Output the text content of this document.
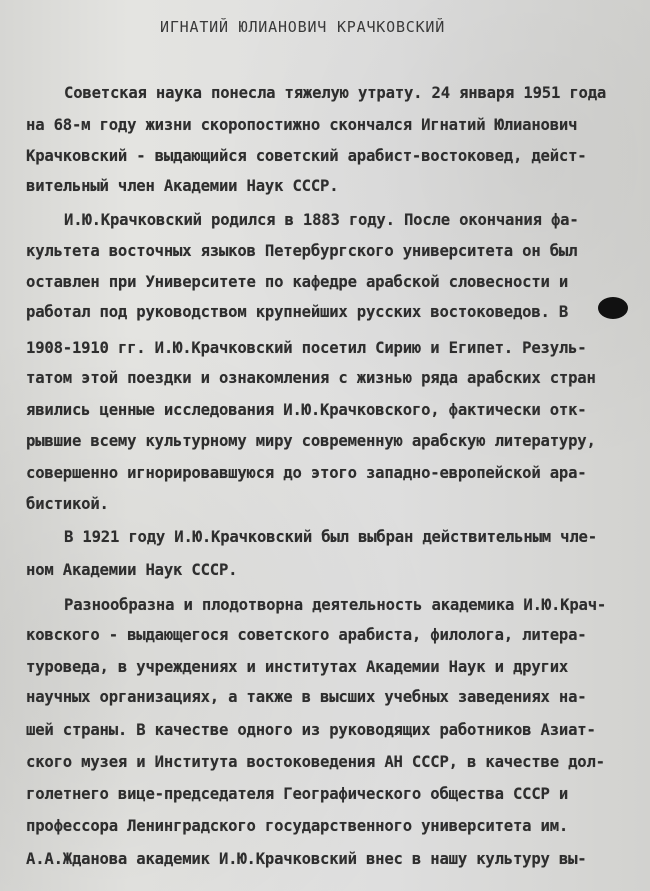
ИГНАТИЙ ЮЛИАНОВИЧ КРАЧКОВСКИЙ
Советская наука понесла тяжелую утрату. 24 января 1951 года
на 68-м году жизни скоропостижно скончался Игнатий Юлианович
Крачковский - выдающийся советский арабист-востоковед, дейст-
вительный член Академии Наук СССР.
И.Ю.Крачковский родился в 1883 году. После окончания фа-
культета восточных языков Петербургского университета он был
оставлен при Университете по кафедре арабской словесности и
работал под руководством крупнейших русских востоковедов. В
1908-1910 гг. И.Ю.Крачковский посетил Сирию и Египет. Резуль-
татом этой поездки и ознакомления с жизнью ряда арабских стран
явились ценные исследования И.Ю.Крачковского, фактически отк-
рывшие всему культурному миру современную арабскую литературу,
совершенно игнорировавшуюся до этого западно-европейской ара-
бистикой.
В 1921 году И.Ю.Крачковский был выбран действительным чле-
ном Академии Наук СССР.
Разнообразна и плодотворна деятельность академика И.Ю.Крач-
ковского - выдающегося советского арабиста, филолога, литера-
туроведа, в учреждениях и институтах Академии Наук и других
научных организациях, а также в высших учебных заведениях на-
шей страны. В качестве одного из руководящих работников Азиат-
ского музея и Института востоковедения АН СССР, в качестве дол-
голетнего вице-председателя Географического общества СССР и
профессора Ленинградского государственного университета им.
А.А.Жданова академик И.Ю.Крачковский внес в нашу культуру вы-
